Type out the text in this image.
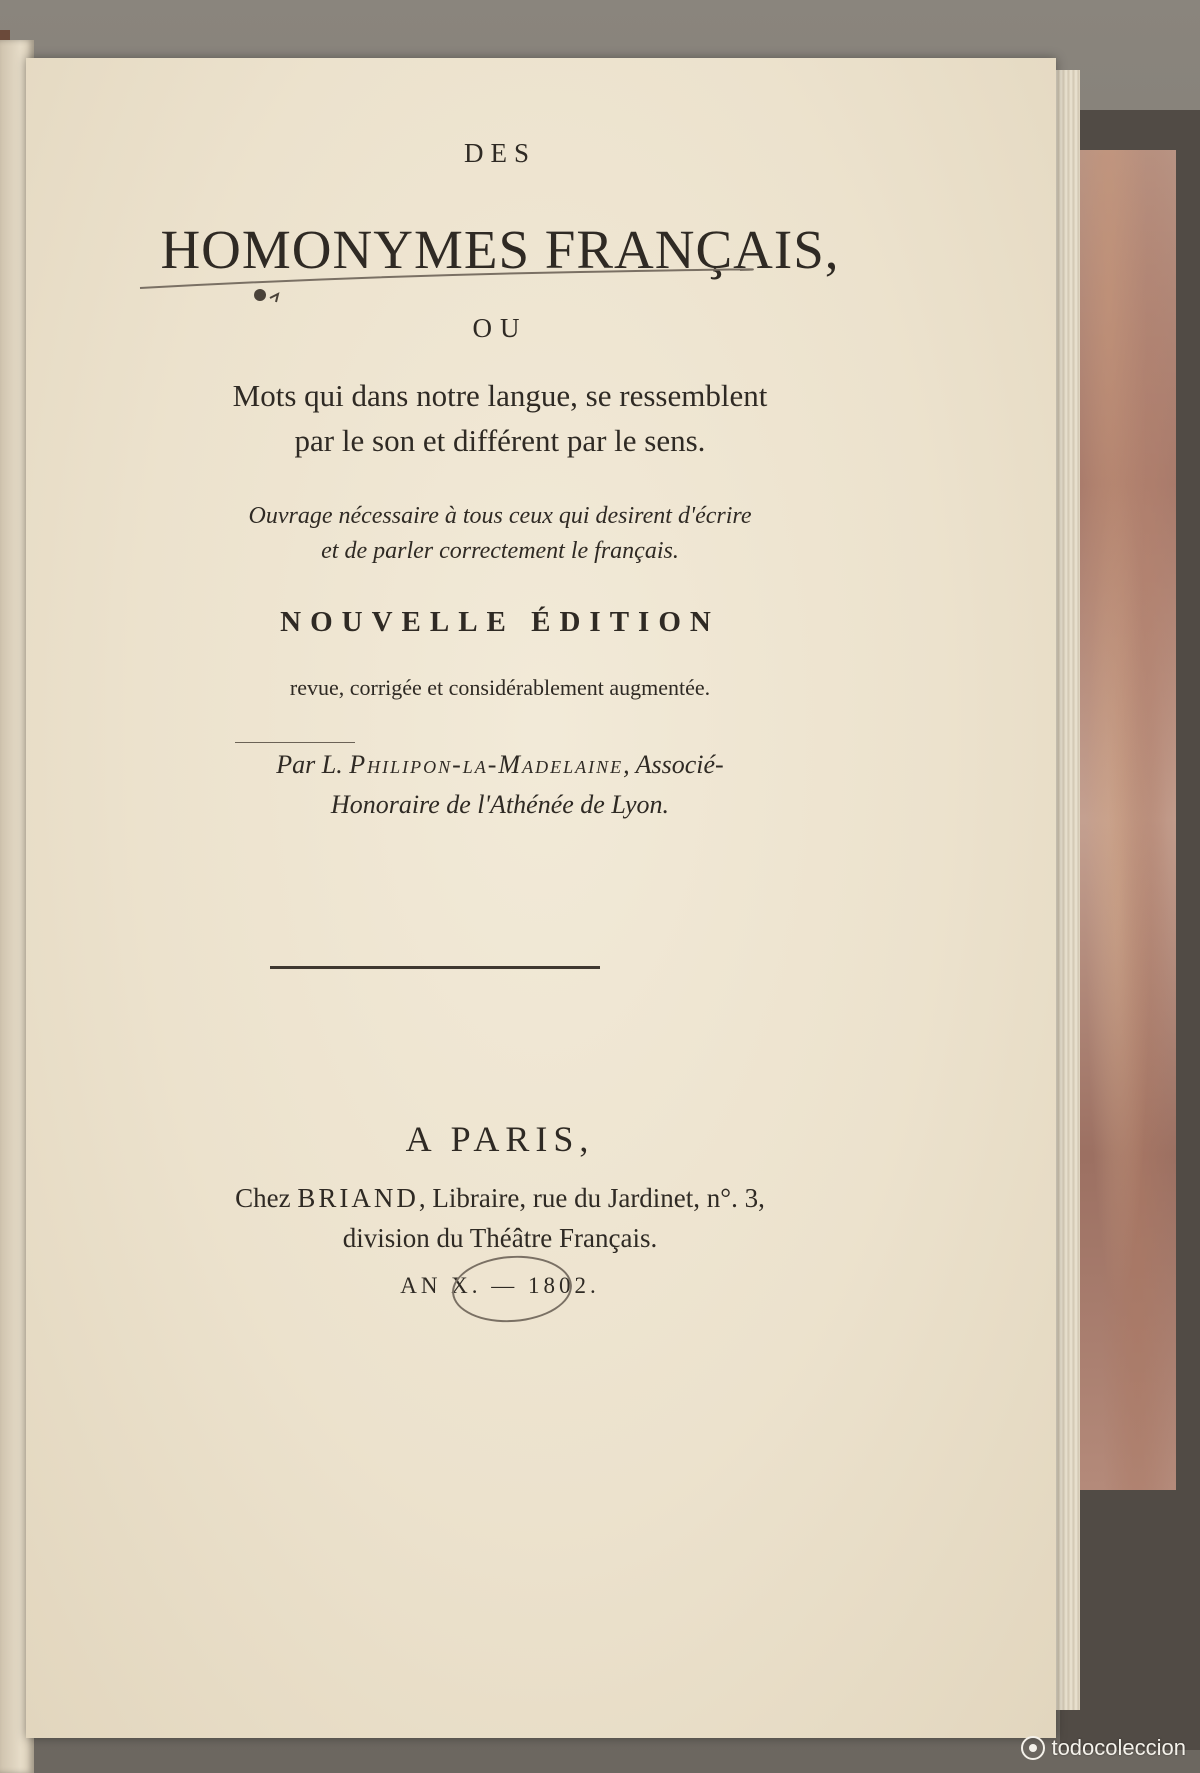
DES
HOMONYMES FRANÇAIS,
OU
Mots qui dans notre langue, se ressemblent
par le son et différent par le sens.
Ouvrage nécessaire à tous ceux qui desirent d'écrire
et de parler correctement le français.
NOUVELLE ÉDITION
revue, corrigée et considérablement augmentée.
Par L. Philipon-la-Madelaine, Associé-
Honoraire de l'Athénée de Lyon.
A PARIS,
Chez BRIAND, Libraire, rue du Jardinet, n°. 3,
division du Théâtre Français.
AN X. — 1802.
todocoleccion
